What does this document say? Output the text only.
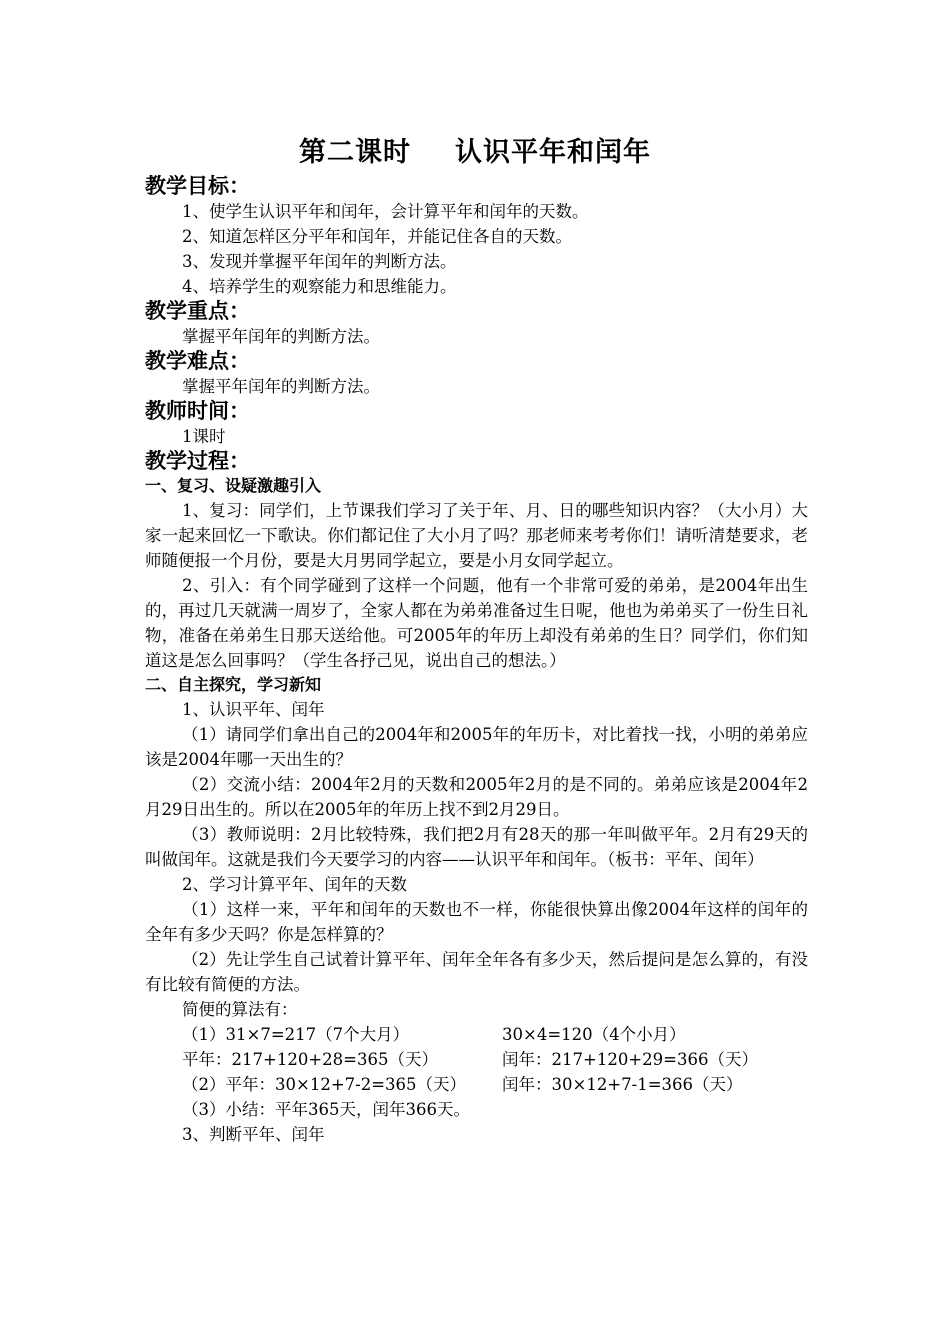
第二课时 认识平年和闰年
教学目标：
1、使学生认识平年和闰年，会计算平年和闰年的天数。
2、知道怎样区分平年和闰年，并能记住各自的天数。
3、发现并掌握平年闰年的判断方法。
4、培养学生的观察能力和思维能力。
教学重点：
掌握平年闰年的判断方法。
教学难点：
掌握平年闰年的判断方法。
教师时间：
1课时
教学过程：
一、复习、设疑激趣引入
1、复习：同学们，上节课我们学习了关于年、月、日的哪些知识内容？（大小月）大家一起来回忆一下歌诀。你们都记住了大小月了吗？那老师来考考你们！请听清楚要求，老师随便报一个月份，要是大月男同学起立，要是小月女同学起立。
2、引入：有个同学碰到了这样一个问题，他有一个非常可爱的弟弟，是2004年出生的，再过几天就满一周岁了，全家人都在为弟弟准备过生日呢，他也为弟弟买了一份生日礼物，准备在弟弟生日那天送给他。可2005年的年历上却没有弟弟的生日？同学们，你们知道这是怎么回事吗？（学生各抒己见，说出自己的想法。）
二、自主探究，学习新知
1、认识平年、闰年
（1）请同学们拿出自己的2004年和2005年的年历卡，对比着找一找，小明的弟弟应该是2004年哪一天出生的？
（2）交流小结：2004年2月的天数和2005年2月的是不同的。弟弟应该是2004年2月29日出生的。所以在2005年的年历上找不到2月29日。
（3）教师说明：2月比较特殊，我们把2月有28天的那一年叫做平年。2月有29天的叫做闰年。这就是我们今天要学习的内容——认识平年和闰年。（板书：平年、闰年）
2、学习计算平年、闰年的天数
（1）这样一来，平年和闰年的天数也不一样，你能很快算出像2004年这样的闰年的全年有多少天吗？你是怎样算的？
（2）先让学生自己试着计算平年、闰年全年各有多少天，然后提问是怎么算的，有没有比较有简便的方法。
简便的算法有：
（1）31×7=217（7个大月）	30×4=120（4个小月）
平年：217+120+28=365（天）	闰年：217+120+29=366（天）
（2）平年：30×12+7-2=365（天）	闰年：30×12+7-1=366（天）
（3）小结：平年365天，闰年366天。
3、判断平年、闰年
